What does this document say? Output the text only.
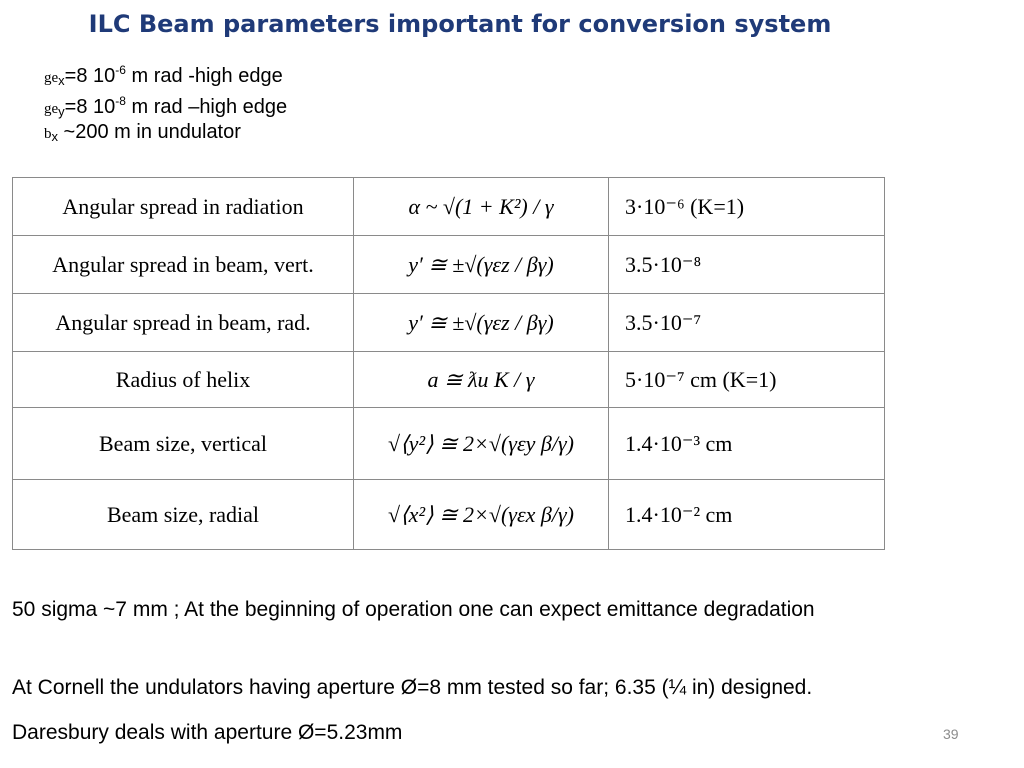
ILC Beam parameters important for conversion system
$ge_x=8$ $10^{-6}$ m rad -high edge
$ge_y=8$ $10^{-8}$ m rad –high edge
$b_x$ ~200 m in undulator
Angular spread in radiation	α ~ √(1 + K²) / γ	3·10⁻⁶ (K=1)
Angular spread in beam, vert.	y′ ≅ ±√(γεz / βγ)	3.5·10⁻⁸
Angular spread in beam, rad.	y′ ≅ ±√(γεz / βγ)	3.5·10⁻⁷
Radius of helix	a ≅ ƛu K / γ	5·10⁻⁷ cm (K=1)
Beam size, vertical	√⟨y²⟩ ≅ 2×√(γεy β/γ)	1.4·10⁻³ cm
Beam size, radial	√⟨x²⟩ ≅ 2×√(γεx β/γ)	1.4·10⁻² cm
50 sigma ~7 mm ; At the beginning of operation one can expect emittance degradation
At Cornell the undulators having aperture Ø=8 mm tested so far; 6.35 (¼ in) designed.
Daresbury deals with aperture Ø=5.23mm	39
